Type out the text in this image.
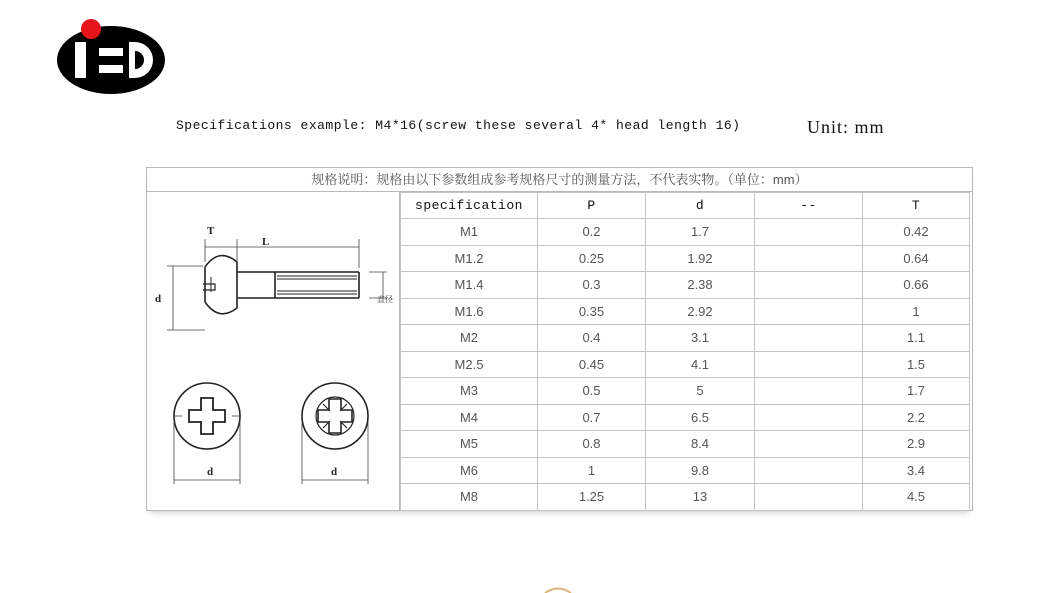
Specifications example: M4*16(screw these several 4* head length 16)	Unit: mm
规格说明：规格由以下参数组成参考规格尺寸的测量方法，不代表实物。（单位：mm）
T
L
d	直径
d	d
specification	P	d	--	T
M1	0.2	1.7		0.42
M1.2	0.25	1.92		0.64
M1.4	0.3	2.38		0.66
M1.6	0.35	2.92		1
M2	0.4	3.1		1.1
M2.5	0.45	4.1		1.5
M3	0.5	5		1.7
M4	0.7	6.5		2.2
M5	0.8	8.4		2.9
M6	1	9.8		3.4
M8	1.25	13		4.5
